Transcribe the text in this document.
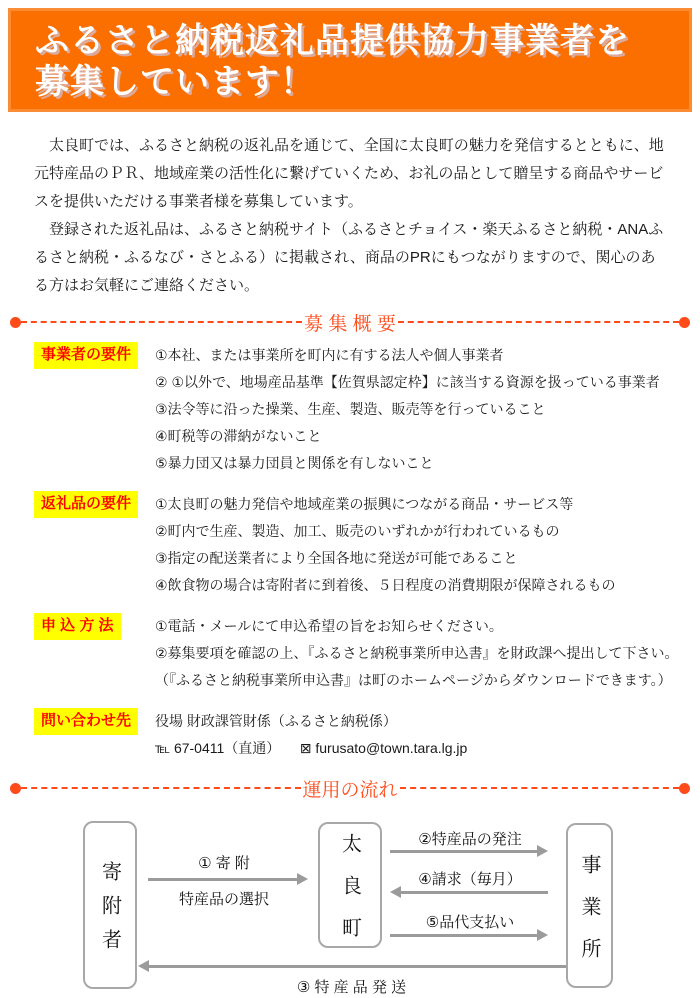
ふるさと納税返礼品提供協力事業者を
募集しています！

太良町では、ふるさと納税の返礼品を通じて、全国に太良町の魅力を発信するとともに、地元特産品のＰＲ、地域産業の活性化に繋げていくため、お礼の品として贈呈する商品やサービスを提供いただける事業者様を募集しています。

登録された返礼品は、ふるさと納税サイト（ふるさとチョイス・楽天ふるさと納税・ANAふるさと納税・ふるなび・さとふる）に掲載され、商品のPRにもつながりますので、関心のある方はお気軽にご連絡ください。

募 集 概 要
事業者の要件	①本社、または事業所を町内に有する法人や個人事業者
② ①以外で、地場産品基準【佐賀県認定枠】に該当する資源を扱っている事業者
③法令等に沿った操業、生産、製造、販売等を行っていること
④町税等の滞納がないこと
⑤暴力団又は暴力団員と関係を有しないこと
返礼品の要件	①太良町の魅力発信や地域産業の振興につながる商品・サービス等
②町内で生産、製造、加工、販売のいずれかが行われているもの
③指定の配送業者により全国各地に発送が可能であること
④飲食物の場合は寄附者に到着後、５日程度の消費期限が保障されるもの
申 込 方 法	①電話・メールにて申込希望の旨をお知らせください。
②募集要項を確認の上、『ふるさと納税事業所申込書』を財政課へ提出して下さい。
（『ふるさと納税事業所申込書』は町のホームページからダウンロードできます。）
問い合わせ先	役場 財政課管財係（ふるさと納税係）
℡ 67-0411（直通） ⊠ furusato@town.tara.lg.jp
運用の流れ
寄附者	太良町	事業所
① 寄 附
特産品の選択
②特産品の発注
④請求（毎月）
⑤品代支払い
③ 特 産 品 発 送
